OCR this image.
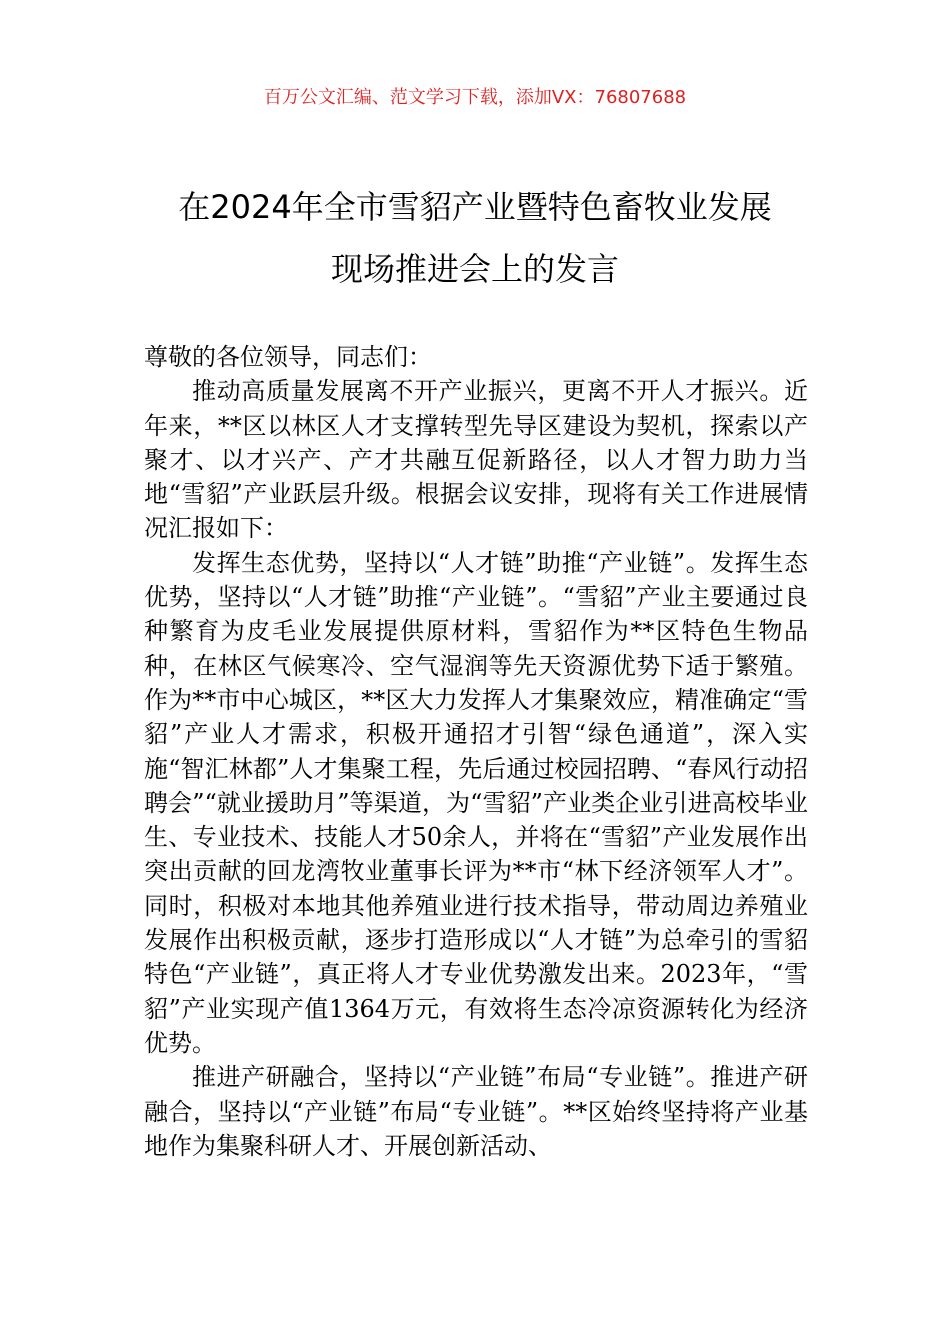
百万公文汇编、范文学习下载，添加VX：76807688
在2024年全市雪貂产业暨特色畜牧业发展
现场推进会上的发言

尊敬的各位领导，同志们：

推动高质量发展离不开产业振兴，更离不开人才振兴。近年来，**区以林区人才支撑转型先导区建设为契机，探索以产聚才、以才兴产、产才共融互促新路径，以人才智力助力当地“雪貂”产业跃层升级。根据会议安排，现将有关工作进展情况汇报如下：

发挥生态优势，坚持以“人才链”助推“产业链”。发挥生态优势，坚持以“人才链”助推“产业链”。“雪貂”产业主要通过良种繁育为皮毛业发展提供原材料，雪貂作为**区特色生物品种，在林区气候寒冷、空气湿润等先天资源优势下适于繁殖。作为**市中心城区，**区大力发挥人才集聚效应，精准确定“雪貂”产业人才需求，积极开通招才引智“绿色通道”，深入实施“智汇林都”人才集聚工程，先后通过校园招聘、“春风行动招聘会”“就业援助月”等渠道，为“雪貂”产业类企业引进高校毕业生、专业技术、技能人才50余人，并将在“雪貂”产业发展作出突出贡献的回龙湾牧业董事长评为**市“林下经济领军人才”。同时，积极对本地其他养殖业进行技术指导，带动周边养殖业发展作出积极贡献，逐步打造形成以“人才链”为总牵引的雪貂特色“产业链”，真正将人才专业优势激发出来。2023年，“雪貂”产业实现产值1364万元，有效将生态冷凉资源转化为经济优势。

推进产研融合，坚持以“产业链”布局“专业链”。推进产研融合，坚持以“产业链”布局“专业链”。**区始终坚持将产业基地作为集聚科研人才、开展创新活动、
